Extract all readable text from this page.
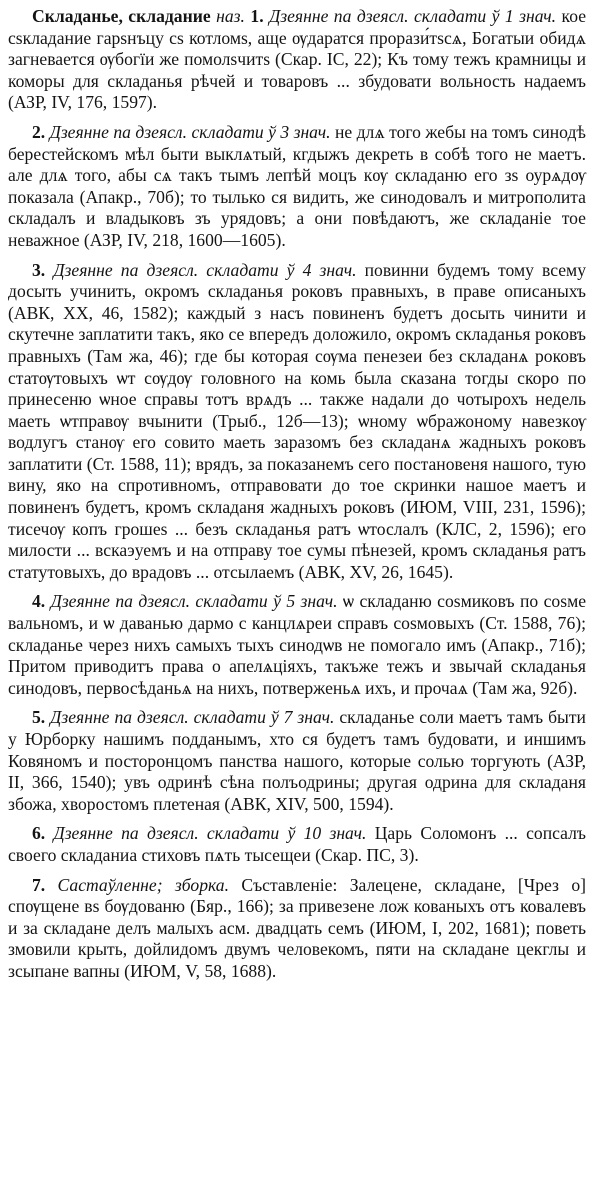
Складанье, складание наз. 1. Дзеянне па дзеясл. складати ў 1 знач. кое сѕкладание гарѕнъцу сѕ котломѕ, аще ѹдаратся прорази́тѕсѧ, Богатыи обидѧ загневается ѹбогїи же помолѕчитѕ (Скар. IC, 22); Къ тому тежъ крамницы и коморы для складанья рѣчей и товаровъ ... збудовати вольность надаемъ (АЗР, IV, 176, 1597).

2. Дзеянне па дзеясл. складати ў 3 знач. не длѧ того жебы на томъ синодѣ берестейскомъ мѣл быти выклѧтый, кгдыжъ декреть в собѣ того не маетъ. але длѧ того, абы сѧ такъ тымъ лепѣй моцъ кѹ складаню его зѕ оурѧдѹ показала (Апакр., 70б); то тылько ся видить, же синодовалъ и митрополита складалъ и владыковъ зъ урядовъ; а они повѣдаютъ, же складаніе тое неважное (АЗР, IV, 218, 1600—1605).

3. Дзеянне па дзеясл. складати ў 4 знач. повинни будемъ тому всему досыть учинить, окромъ складанья роковъ правныхъ, в праве описаныхъ (АВК, XX, 46, 1582); каждый з насъ повиненъ будетъ досыть чинити и скутечне заплатити такъ, яко се впередъ доложило, окромъ складанья роковъ правныхъ (Там жа, 46); где бы которая сѹма пенезеи без складанѧ роковъ статѹтовыхъ ѡт сѹдѹ головного на комь была сказана тогды скоро по принесеню ѡное справы тотъ врѧдъ ... также надали до чотырохъ недель маеть ѡтправѹ вчынити (Трыб., 12б—13); ѡному ѡбражоному навезкѹ водлугъ станѹ его совито маеть заразомъ без складанѧ жадныхъ роковъ заплатити (Ст. 1588, 11); врядъ, за показанемъ сего постановеня нашого, тую вину, яко на спротивномъ, отправовати до тое скринки нашое маетъ и повиненъ будетъ, кромъ складаня жадныхъ роковъ (ИЮМ, VIII, 231, 1596); тисечѹ копъ грошеѕ ... безъ складанья ратъ ѡтослалъ (КЛС, 2, 1596); его милости ... вскаэуемъ и на отправу тое сумы пѣнезей, кромъ складанья ратъ статутовыхъ, до врадовъ ... отсылаемъ (АВК, XV, 26, 1645).

4. Дзеянне па дзеясл. складати ў 5 знач. ѡ складаню соѕмиковъ по соѕме вальномъ, и ѡ даванью дармо с канцлѧреи справъ соѕмовыхъ (Ст. 1588, 76); складанье через нихъ самыхъ тыхъ синодѡв не помогало имъ (Апакр., 71б); Притом приводитъ права о апелѧціяхъ, такъже тежъ и звычай складанья синодовъ, первосѣданьѧ на нихъ, потверженьѧ ихъ, и прочаѧ (Там жа, 92б).

5. Дзеянне па дзеясл. складати ў 7 знач. складанье соли маетъ тамъ быти у Юрборку нашимъ подданымъ, хто ся будетъ тамъ будовати, и иншимъ Ковяномъ и посторонцомъ панства нашого, которые солью торгують (АЗР, II, 366, 1540); увъ одринѣ сѣна полъодрины; другая одрина для складаня збожа, хворостомъ плетеная (АВК, XIV, 500, 1594).

6. Дзеянне па дзеясл. складати ў 10 знач. Царь Соломонъ ... сопсалъ своего складаниа стиховъ пѧть тысещеи (Скар. ПС, 3).

7. Састаўленне; зборка. Съставленіе: Залецене, складане, [Чрез о] спѹщене вѕ бѹдованю (Бяр., 166); за привезене лож кованыхъ отъ ковалевъ и за складане делъ малыхъ асм. двадцать семъ (ИЮМ, I, 202, 1681); поветь змовили крыть, дойлидомъ двумъ человекомъ, пяти на складане цекглы и зсыпане вапны (ИЮМ, V, 58, 1688).
